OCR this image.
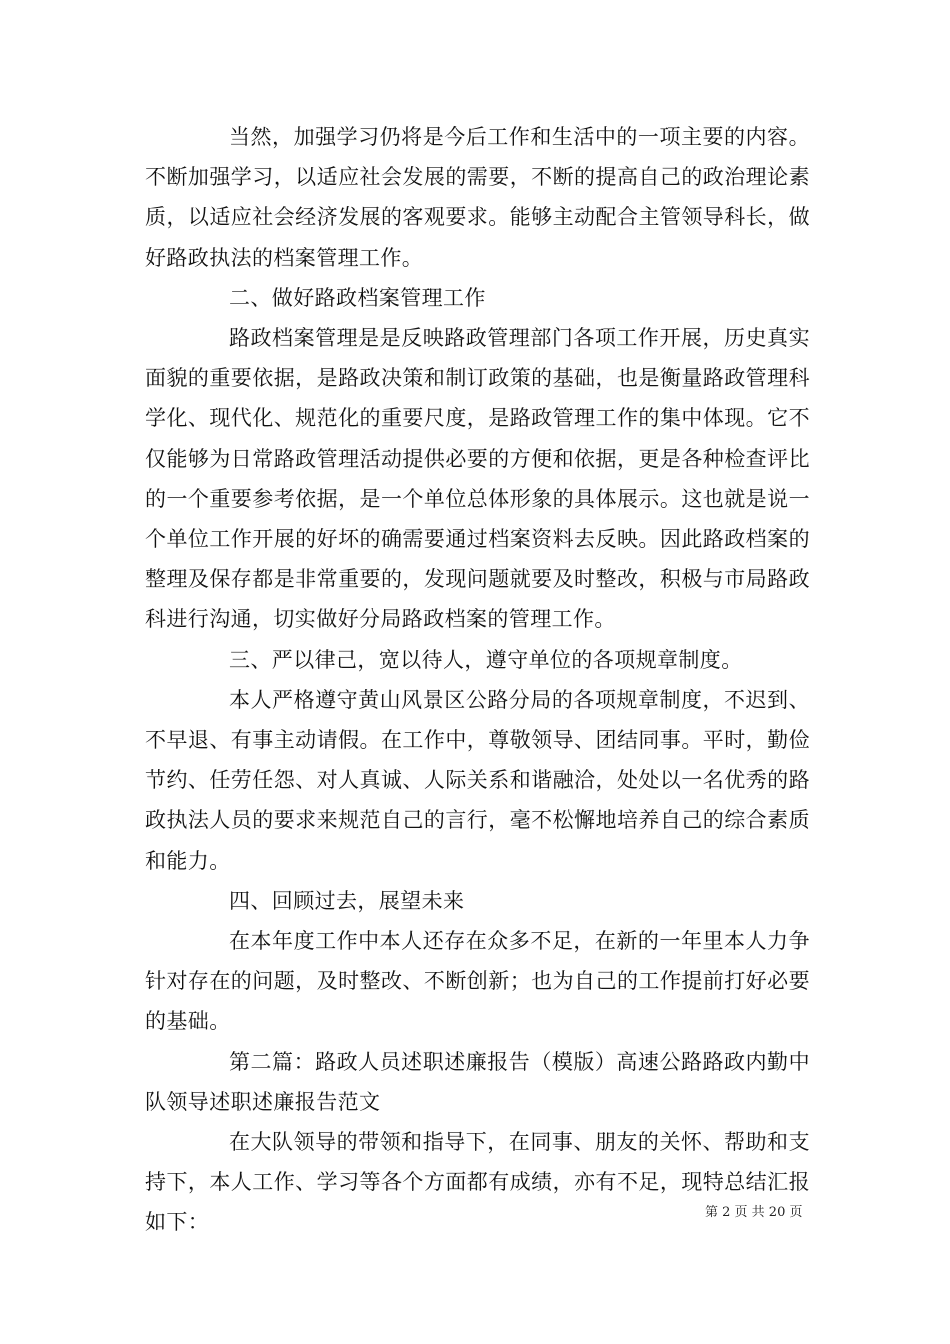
当然，加强学习仍将是今后工作和生活中的一项主要的内容。不断加强学习，以适应社会发展的需要，不断的提高自己的政治理论素质，以适应社会经济发展的客观要求。能够主动配合主管领导科长，做好路政执法的档案管理工作。

二、做好路政档案管理工作

路政档案管理是是反映路政管理部门各项工作开展，历史真实面貌的重要依据，是路政决策和制订政策的基础，也是衡量路政管理科学化、现代化、规范化的重要尺度，是路政管理工作的集中体现。它不仅能够为日常路政管理活动提供必要的方便和依据，更是各种检查评比的一个重要参考依据，是一个单位总体形象的具体展示。这也就是说一个单位工作开展的好坏的确需要通过档案资料去反映。因此路政档案的整理及保存都是非常重要的，发现问题就要及时整改，积极与市局路政科进行沟通，切实做好分局路政档案的管理工作。

三、严以律己，宽以待人，遵守单位的各项规章制度。

本人严格遵守黄山风景区公路分局的各项规章制度，不迟到、不早退、有事主动请假。在工作中，尊敬领导、团结同事。平时，勤俭节约、任劳任怨、对人真诚、人际关系和谐融洽，处处以一名优秀的路政执法人员的要求来规范自己的言行，毫不松懈地培养自己的综合素质和能力。

四、回顾过去，展望未来

在本年度工作中本人还存在众多不足，在新的一年里本人力争针对存在的问题，及时整改、不断创新；也为自己的工作提前打好必要的基础。

第二篇：路政人员述职述廉报告（模版）高速公路路政内勤中队领导述职述廉报告范文

在大队领导的带领和指导下，在同事、朋友的关怀、帮助和支持下，本人工作、学习等各个方面都有成绩，亦有不足，现特总结汇报如下：	第 2 页 共 20 页
